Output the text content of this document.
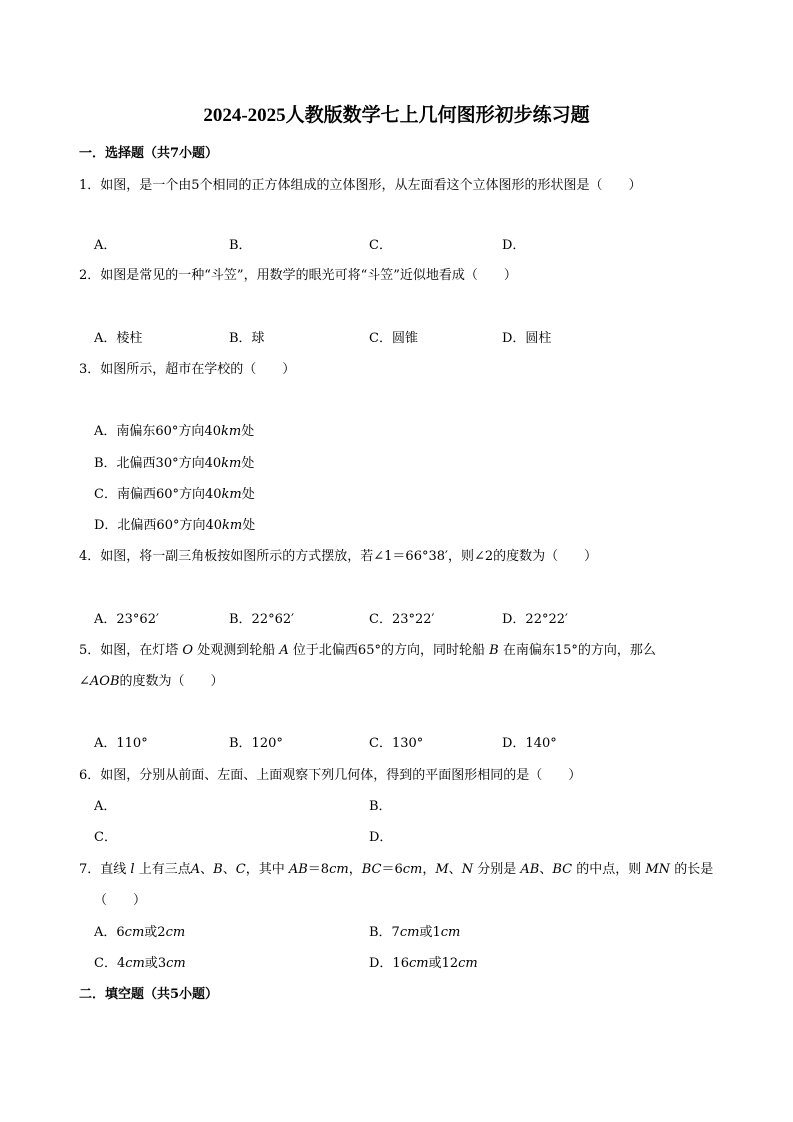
2024-2025人教版数学七上几何图形初步练习题
一．选择题（共7小题）
1．如图，是一个由5个相同的正方体组成的立体图形，从左面看这个立体图形的形状图是（　　）
A．	B．	C．	D．
2．如图是常见的一种“斗笠”，用数学的眼光可将“斗笠”近似地看成（　　）
A．棱柱	B．球	C．圆锥	D．圆柱
3．如图所示，超市在学校的（　　）
A．南偏东60°方向40km处
B．北偏西30°方向40km处
C．南偏西60°方向40km处
D．北偏西60°方向40km处
4．如图，将一副三角板按如图所示的方式摆放，若∠1＝66°38′，则∠2的度数为（　　）
A．23°62′	B．22°62′	C．23°22′	D．22°22′
5．如图，在灯塔 O 处观测到轮船 A 位于北偏西65°的方向，同时轮船 B 在南偏东15°的方向，那么
∠AOB的度数为（　　）
A．110°	B．120°	C．130°	D．140°
6．如图，分别从前面、左面、上面观察下列几何体，得到的平面图形相同的是（　　）
A．	B．
C．	D．
7．直线 l 上有三点A、B、C，其中 AB＝8cm，BC＝6cm，M、N 分别是 AB、BC 的中点，则 MN 的长是
（　　）
A．6cm或2cm	B．7cm或1cm
C．4cm或3cm	D．16cm或12cm
二．填空题（共5小题）
